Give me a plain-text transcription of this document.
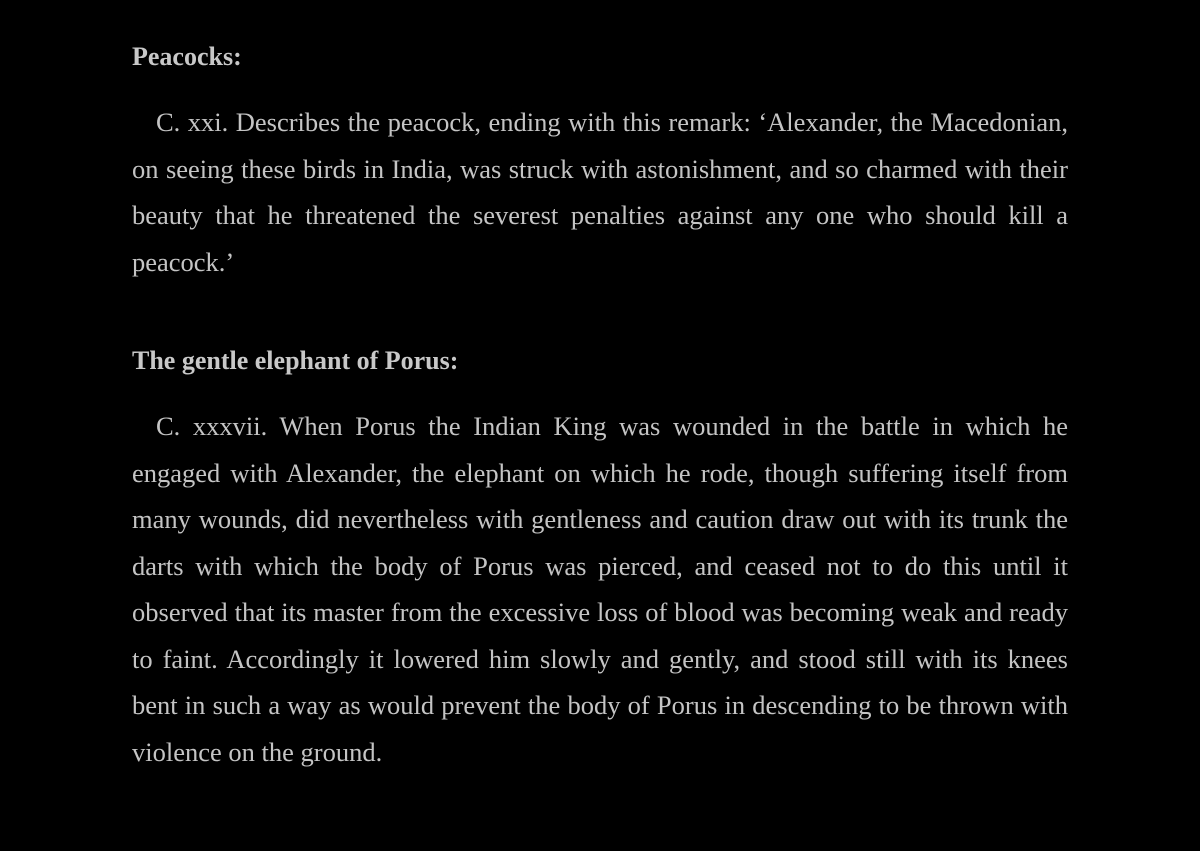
Peacocks:

C. xxi. Describes the peacock, ending with this remark: ‘Alexander, the Macedonian, on seeing these birds in India, was struck with astonishment, and so charmed with their beauty that he threatened the severest penalties against any one who should kill a peacock.’

The gentle elephant of Porus:

C. xxxvii. When Porus the Indian King was wounded in the battle in which he engaged with Alexander, the elephant on which he rode, though suffering itself from many wounds, did nevertheless with gentleness and caution draw out with its trunk the darts with which the body of Porus was pierced, and ceased not to do this until it observed that its master from the excessive loss of blood was becoming weak and ready to faint. Accordingly it lowered him slowly and gently, and stood still with its knees bent in such a way as would prevent the body of Porus in descending to be thrown with violence on the ground.
